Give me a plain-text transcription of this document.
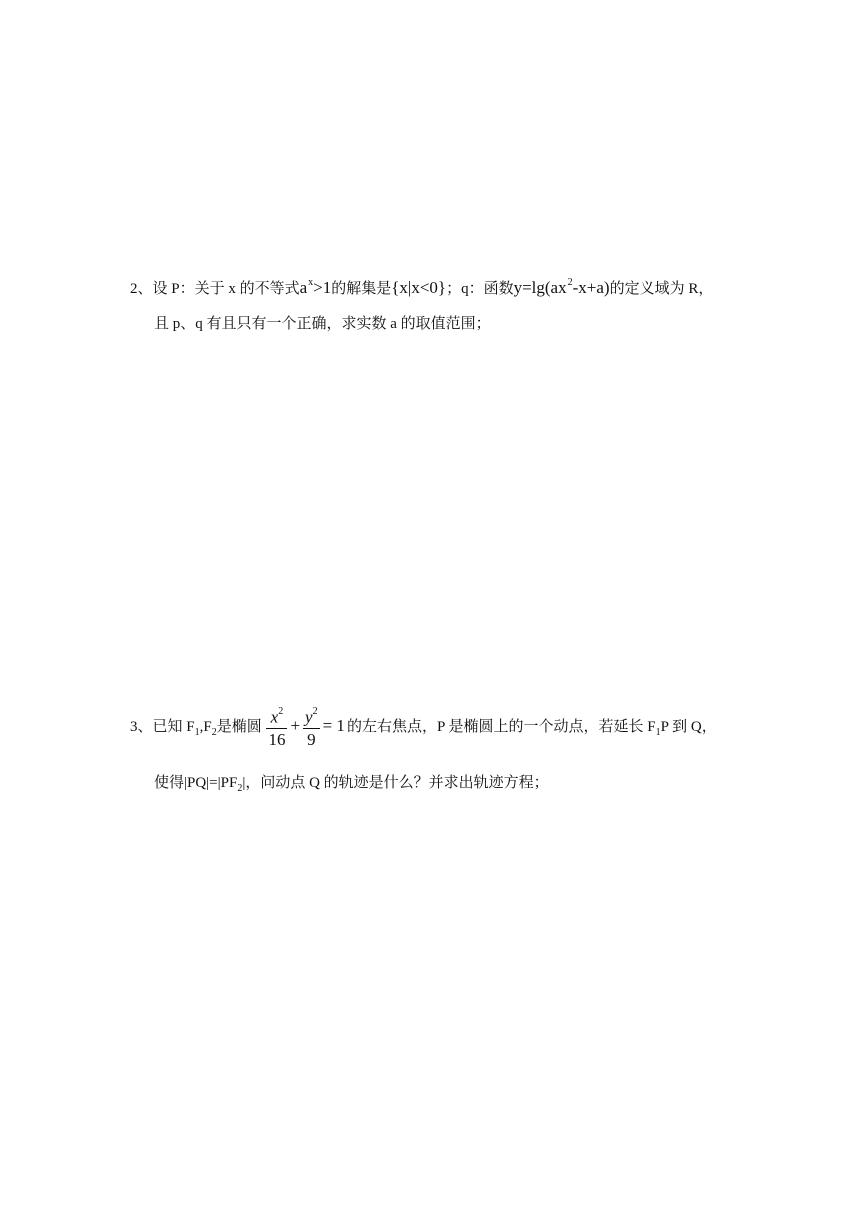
2、设 P：关于 x 的不等式$a^x>1$的解集是{x|x<0}；q：函数$y=\lg(ax^2-x+a)$的定义域为 R，
且 p、q 有且只有一个正确，求实数 a 的取值范围；
3、已知 $F_1,F_2$是椭圆 $\frac{x^2}{16} + \frac{y^2}{9} = 1$ 的左右焦点，P 是椭圆上的一个动点，若延长 $F_1P$ 到 Q，
使得$|PQ|=|PF_2|$，问动点 Q 的轨迹是什么？并求出轨迹方程；
